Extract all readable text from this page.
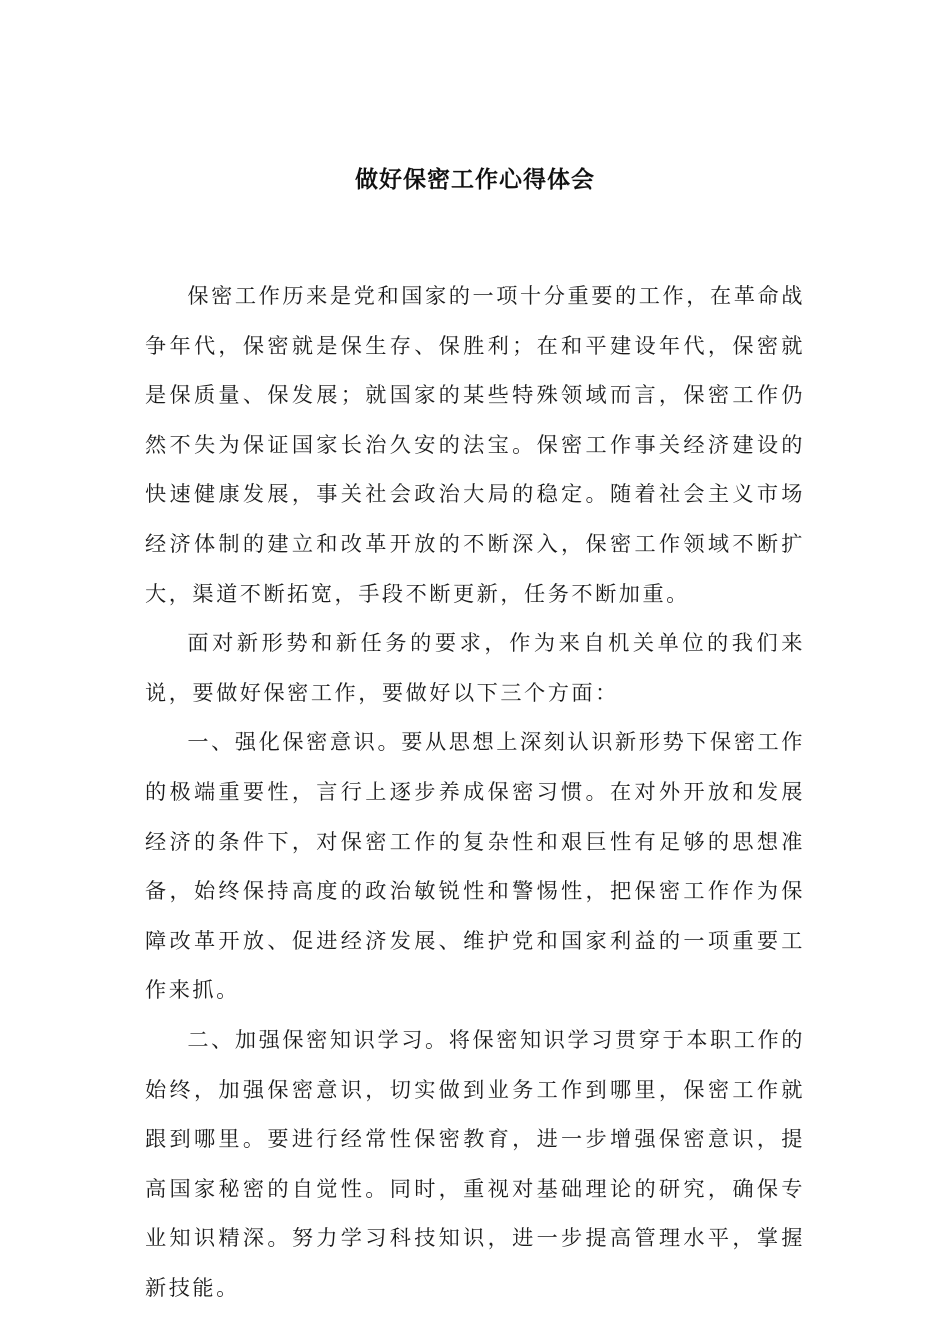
做好保密工作心得体会

保密工作历来是党和国家的一项十分重要的工作，在革命战争年代，保密就是保生存、保胜利；在和平建设年代，保密就是保质量、保发展；就国家的某些特殊领域而言，保密工作仍然不失为保证国家长治久安的法宝。保密工作事关经济建设的快速健康发展，事关社会政治大局的稳定。随着社会主义市场经济体制的建立和改革开放的不断深入，保密工作领域不断扩大，渠道不断拓宽，手段不断更新，任务不断加重。

面对新形势和新任务的要求，作为来自机关单位的我们来说，要做好保密工作，要做好以下三个方面：

一、强化保密意识。要从思想上深刻认识新形势下保密工作的极端重要性，言行上逐步养成保密习惯。在对外开放和发展经济的条件下，对保密工作的复杂性和艰巨性有足够的思想准备，始终保持高度的政治敏锐性和警惕性，把保密工作作为保障改革开放、促进经济发展、维护党和国家利益的一项重要工作来抓。

二、加强保密知识学习。将保密知识学习贯穿于本职工作的始终，加强保密意识，切实做到业务工作到哪里，保密工作就跟到哪里。要进行经常性保密教育，进一步增强保密意识，提高国家秘密的自觉性。同时，重视对基础理论的研究，确保专业知识精深。努力学习科技知识，进一步提高管理水平，掌握新技能。
